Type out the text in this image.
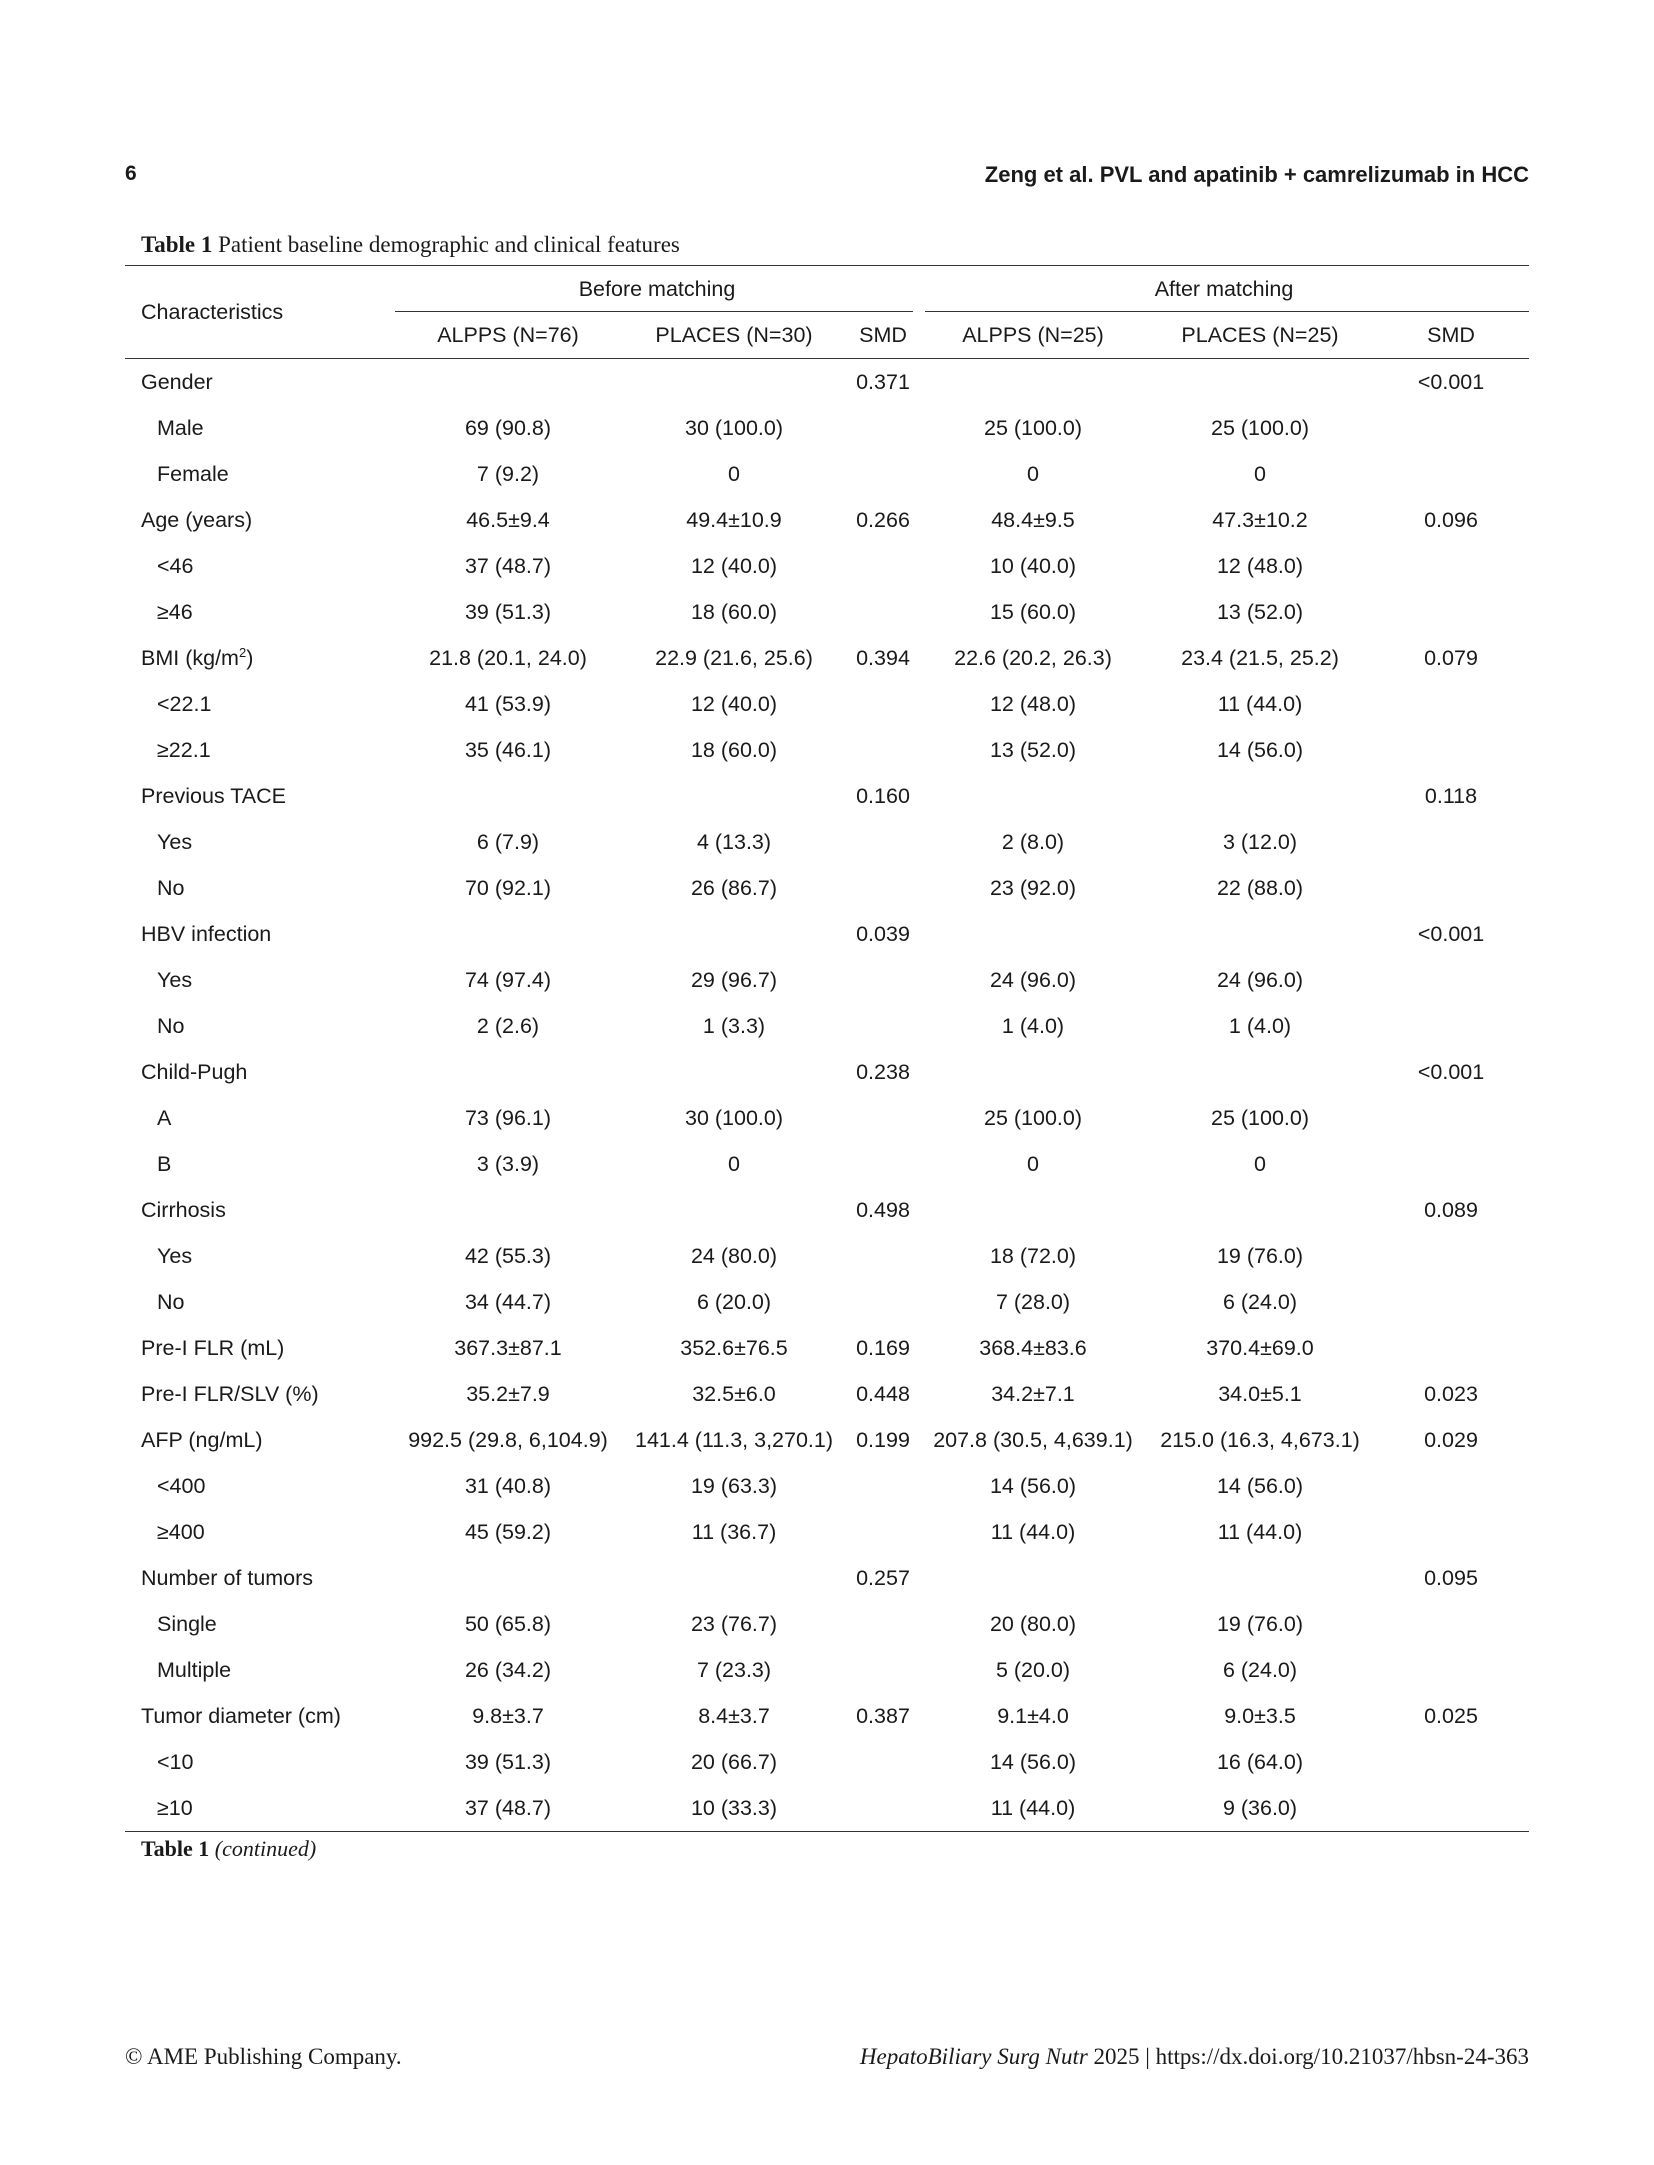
6	Zeng et al. PVL and apatinib + camrelizumab in HCC
Table 1 Patient baseline demographic and clinical features
Characteristics	Before matching			After matching		
	ALPPS (N=76)	PLACES (N=30)	SMD	ALPPS (N=25)	PLACES (N=25)	SMD
Gender			0.371			<0.001
Male	69 (90.8)	30 (100.0)		25 (100.0)	25 (100.0)	
Female	7 (9.2)	0		0	0	
Age (years)	46.5±9.4	49.4±10.9	0.266	48.4±9.5	47.3±10.2	0.096
<46	37 (48.7)	12 (40.0)		10 (40.0)	12 (48.0)	
≥46	39 (51.3)	18 (60.0)		15 (60.0)	13 (52.0)	
BMI $(kg/m^2)$	21.8 (20.1, 24.0)	22.9 (21.6, 25.6)	0.394	22.6 (20.2, 26.3)	23.4 (21.5, 25.2)	0.079
<22.1	41 (53.9)	12 (40.0)		12 (48.0)	11 (44.0)	
≥22.1	35 (46.1)	18 (60.0)		13 (52.0)	14 (56.0)	
Previous TACE			0.160			0.118
Yes	6 (7.9)	4 (13.3)		2 (8.0)	3 (12.0)	
No	70 (92.1)	26 (86.7)		23 (92.0)	22 (88.0)	
HBV infection			0.039			<0.001
Yes	74 (97.4)	29 (96.7)		24 (96.0)	24 (96.0)	
No	2 (2.6)	1 (3.3)		1 (4.0)	1 (4.0)	
Child-Pugh			0.238			<0.001
A	73 (96.1)	30 (100.0)		25 (100.0)	25 (100.0)	
B	3 (3.9)	0		0	0	
Cirrhosis			0.498			0.089
Yes	42 (55.3)	24 (80.0)		18 (72.0)	19 (76.0)	
No	34 (44.7)	6 (20.0)		7 (28.0)	6 (24.0)	
Pre-I FLR (mL)	367.3±87.1	352.6±76.5	0.169	368.4±83.6	370.4±69.0	
Pre-I FLR/SLV (%)	35.2±7.9	32.5±6.0	0.448	34.2±7.1	34.0±5.1	0.023
AFP (ng/mL)	992.5 (29.8, 6,104.9)	141.4 (11.3, 3,270.1)	0.199	207.8 (30.5, 4,639.1)	215.0 (16.3, 4,673.1)	0.029
<400	31 (40.8)	19 (63.3)		14 (56.0)	14 (56.0)	
≥400	45 (59.2)	11 (36.7)		11 (44.0)	11 (44.0)	
Number of tumors			0.257			0.095
Single	50 (65.8)	23 (76.7)		20 (80.0)	19 (76.0)	
Multiple	26 (34.2)	7 (23.3)		5 (20.0)	6 (24.0)	
Tumor diameter (cm)	9.8±3.7	8.4±3.7	0.387	9.1±4.0	9.0±3.5	0.025
<10	39 (51.3)	20 (66.7)		14 (56.0)	16 (64.0)	
≥10	37 (48.7)	10 (33.3)		11 (44.0)	9 (36.0)	
Table 1 (continued)
© AME Publishing Company.	HepatoBiliary Surg Nutr 2025 | https://dx.doi.org/10.21037/hbsn-24-363
